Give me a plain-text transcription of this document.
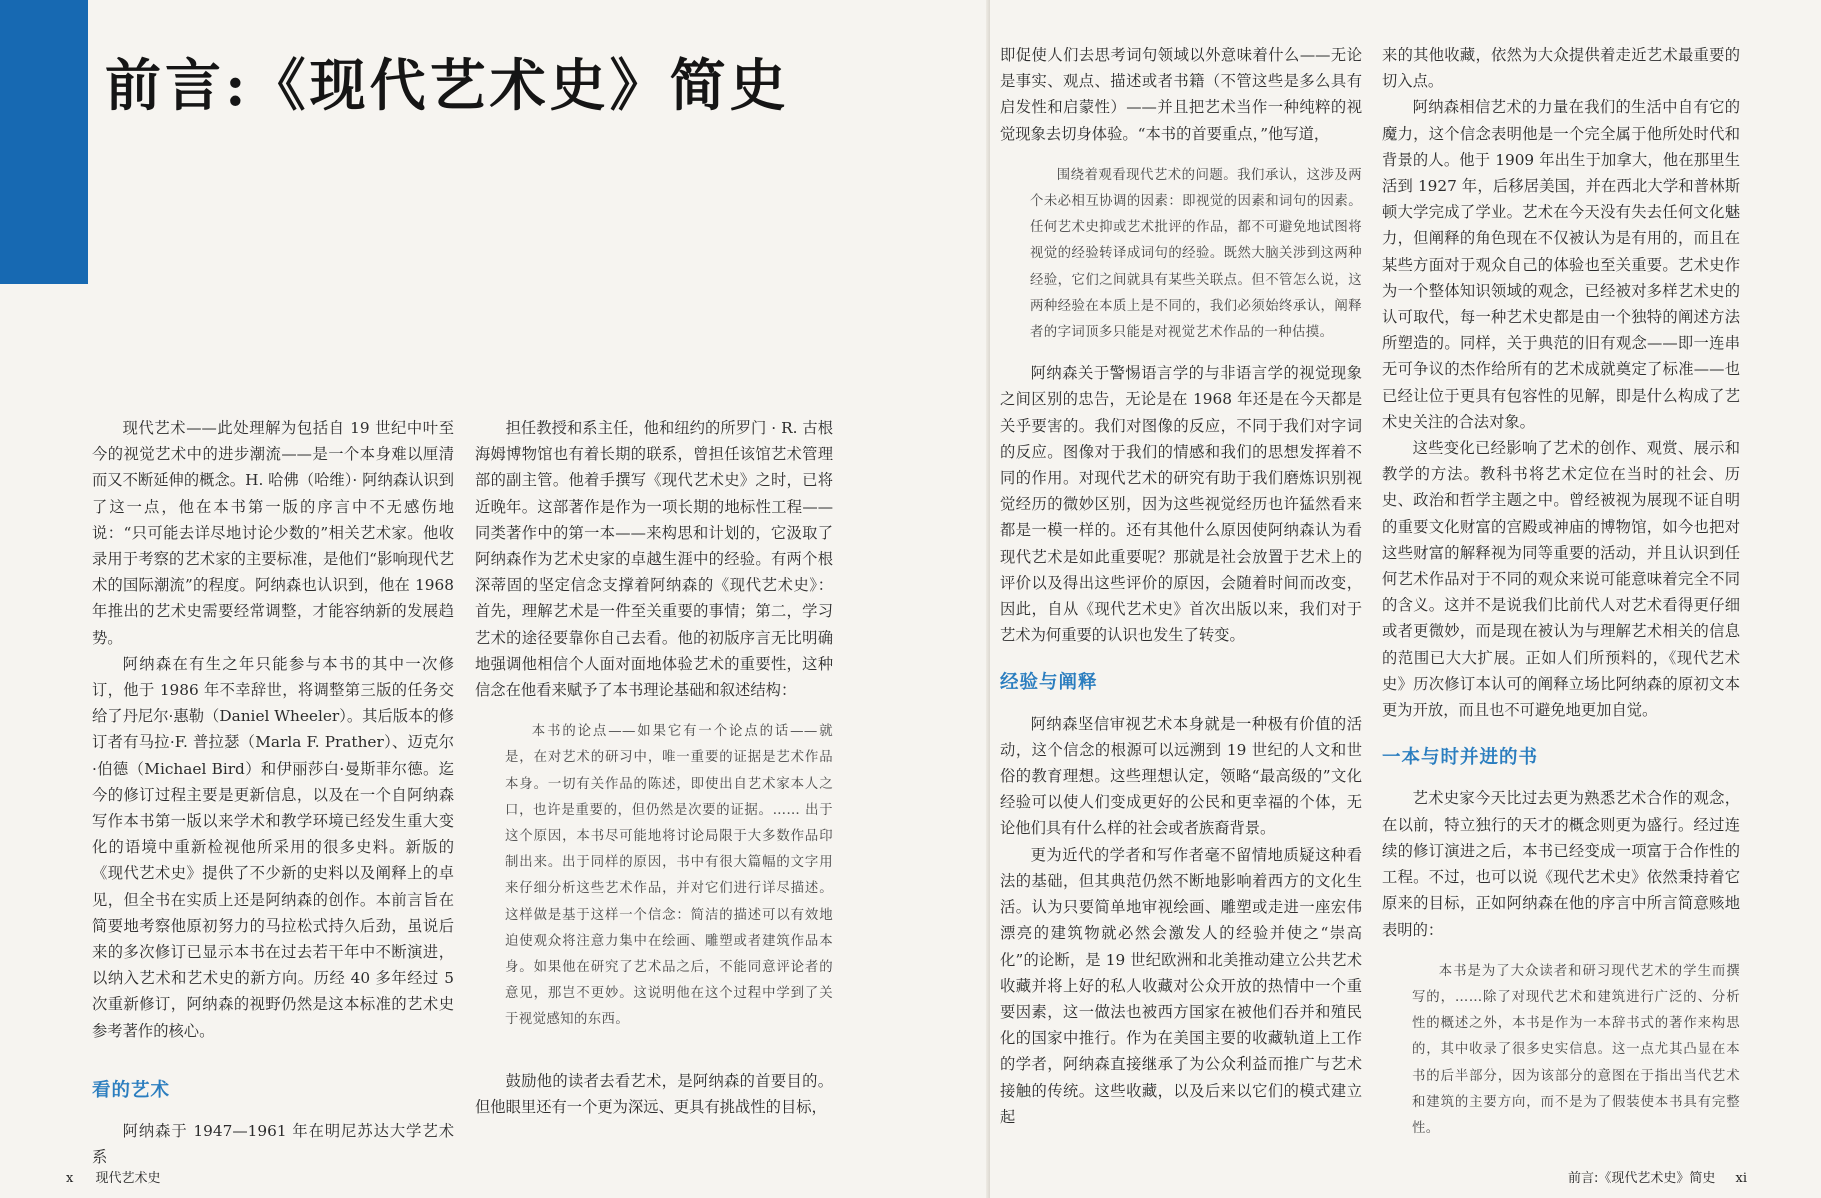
前言:《现代艺术史》简史

现代艺术——此处理解为包括自 19 世纪中叶至今的视觉艺术中的进步潮流——是一个本身难以厘清而又不断延伸的概念。H. 哈佛（哈维）· 阿纳森认识到了这一点，他在本书第一版的序言中不无感伤地说：“只可能去详尽地讨论少数的”相关艺术家。他收录用于考察的艺术家的主要标准，是他们“影响现代艺术的国际潮流”的程度。阿纳森也认识到，他在 1968 年推出的艺术史需要经常调整，才能容纳新的发展趋势。

阿纳森在有生之年只能参与本书的其中一次修订，他于 1986 年不幸辞世，将调整第三版的任务交给了丹尼尔·惠勒（Daniel Wheeler）。其后版本的修订者有马拉·F. 普拉瑟（Marla F. Prather）、迈克尔·伯德（Michael Bird）和伊丽莎白·曼斯菲尔德。迄今的修订过程主要是更新信息，以及在一个自阿纳森写作本书第一版以来学术和教学环境已经发生重大变化的语境中重新检视他所采用的很多史料。新版的《现代艺术史》提供了不少新的史料以及阐释上的卓见，但全书在实质上还是阿纳森的创作。本前言旨在简要地考察他原初努力的马拉松式持久后劲，虽说后来的多次修订已显示本书在过去若干年中不断演进，以纳入艺术和艺术史的新方向。历经 40 多年经过 5 次重新修订，阿纳森的视野仍然是这本标准的艺术史参考著作的核心。

看的艺术

阿纳森于 1947—1961 年在明尼苏达大学艺术系

担任教授和系主任，他和纽约的所罗门 · R. 古根海姆博物馆也有着长期的联系，曾担任该馆艺术管理部的副主管。他着手撰写《现代艺术史》之时，已将近晚年。这部著作是作为一项长期的地标性工程——同类著作中的第一本——来构思和计划的，它汲取了阿纳森作为艺术史家的卓越生涯中的经验。有两个根深蒂固的坚定信念支撑着阿纳森的《现代艺术史》：首先，理解艺术是一件至关重要的事情；第二，学习艺术的途径要靠你自己去看。他的初版序言无比明确地强调他相信个人面对面地体验艺术的重要性，这种信念在他看来赋予了本书理论基础和叙述结构：

本书的论点——如果它有一个论点的话——就是，在对艺术的研习中，唯一重要的证据是艺术作品本身。一切有关作品的陈述，即使出自艺术家本人之口，也许是重要的，但仍然是次要的证据。…… 出于这个原因，本书尽可能地将讨论局限于大多数作品印制出来。出于同样的原因，书中有很大篇幅的文字用来仔细分析这些艺术作品，并对它们进行详尽描述。这样做是基于这样一个信念：简洁的描述可以有效地迫使观众将注意力集中在绘画、雕塑或者建筑作品本身。如果他在研究了艺术品之后，不能同意评论者的意见，那岂不更妙。这说明他在这个过程中学到了关于视觉感知的东西。

鼓励他的读者去看艺术，是阿纳森的首要目的。但他眼里还有一个更为深远、更具有挑战性的目标，

x 现代艺术史

即促使人们去思考词句领域以外意味着什么——无论是事实、观点、描述或者书籍（不管这些是多么具有启发性和启蒙性）——并且把艺术当作一种纯粹的视觉现象去切身体验。“本书的首要重点，”他写道，

围绕着观看现代艺术的问题。我们承认，这涉及两个未必相互协调的因素：即视觉的因素和词句的因素。任何艺术史抑或艺术批评的作品，都不可避免地试图将视觉的经验转译成词句的经验。既然大脑关涉到这两种经验，它们之间就具有某些关联点。但不管怎么说，这两种经验在本质上是不同的，我们必须始终承认，阐释者的字词顶多只能是对视觉艺术作品的一种估摸。

阿纳森关于警惕语言学的与非语言学的视觉现象之间区别的忠告，无论是在 1968 年还是在今天都是关乎要害的。我们对图像的反应，不同于我们对字词的反应。图像对于我们的情感和我们的思想发挥着不同的作用。对现代艺术的研究有助于我们磨炼识别视觉经历的微妙区别，因为这些视觉经历也许猛然看来都是一模一样的。还有其他什么原因使阿纳森认为看现代艺术是如此重要呢？那就是社会放置于艺术上的评价以及得出这些评价的原因，会随着时间而改变，因此，自从《现代艺术史》首次出版以来，我们对于艺术为何重要的认识也发生了转变。

经验与阐释

阿纳森坚信审视艺术本身就是一种极有价值的活动，这个信念的根源可以远溯到 19 世纪的人文和世俗的教育理想。这些理想认定，领略“最高级的”文化经验可以使人们变成更好的公民和更幸福的个体，无论他们具有什么样的社会或者族裔背景。

更为近代的学者和写作者毫不留情地质疑这种看法的基础，但其典范仍然不断地影响着西方的文化生活。认为只要简单地审视绘画、雕塑或走进一座宏伟漂亮的建筑物就必然会激发人的经验并使之“崇高化”的论断，是 19 世纪欧洲和北美推动建立公共艺术收藏并将上好的私人收藏对公众开放的热情中一个重要因素，这一做法也被西方国家在被他们吞并和殖民化的国家中推行。作为在美国主要的收藏轨道上工作的学者，阿纳森直接继承了为公众利益而推广与艺术接触的传统。这些收藏，以及后来以它们的模式建立起

来的其他收藏，依然为大众提供着走近艺术最重要的切入点。

阿纳森相信艺术的力量在我们的生活中自有它的魔力，这个信念表明他是一个完全属于他所处时代和背景的人。他于 1909 年出生于加拿大，他在那里生活到 1927 年，后移居美国，并在西北大学和普林斯顿大学完成了学业。艺术在今天没有失去任何文化魅力，但阐释的角色现在不仅被认为是有用的，而且在某些方面对于观众自己的体验也至关重要。艺术史作为一个整体知识领域的观念，已经被对多样艺术史的认可取代，每一种艺术史都是由一个独特的阐述方法所塑造的。同样，关于典范的旧有观念——即一连串无可争议的杰作给所有的艺术成就奠定了标准——也已经让位于更具有包容性的见解，即是什么构成了艺术史关注的合法对象。

这些变化已经影响了艺术的创作、观赏、展示和教学的方法。教科书将艺术定位在当时的社会、历史、政治和哲学主题之中。曾经被视为展现不证自明的重要文化财富的宫殿或神庙的博物馆，如今也把对这些财富的解释视为同等重要的活动，并且认识到任何艺术作品对于不同的观众来说可能意味着完全不同的含义。这并不是说我们比前代人对艺术看得更仔细或者更微妙，而是现在被认为与理解艺术相关的信息的范围已大大扩展。正如人们所预料的，《现代艺术史》历次修订本认可的阐释立场比阿纳森的原初文本更为开放，而且也不可避免地更加自觉。

一本与时并进的书

艺术史家今天比过去更为熟悉艺术合作的观念，在以前，特立独行的天才的概念则更为盛行。经过连续的修订演进之后，本书已经变成一项富于合作性的工程。不过，也可以说《现代艺术史》依然秉持着它原来的目标，正如阿纳森在他的序言中所言简意赅地表明的：

本书是为了大众读者和研习现代艺术的学生而撰写的，……除了对现代艺术和建筑进行广泛的、分析性的概述之外，本书是作为一本辞书式的著作来构思的，其中收录了很多史实信息。这一点尤其凸显在本书的后半部分，因为该部分的意图在于指出当代艺术和建筑的主要方向，而不是为了假装使本书具有完整性。

前言:《现代艺术史》简史 xi
